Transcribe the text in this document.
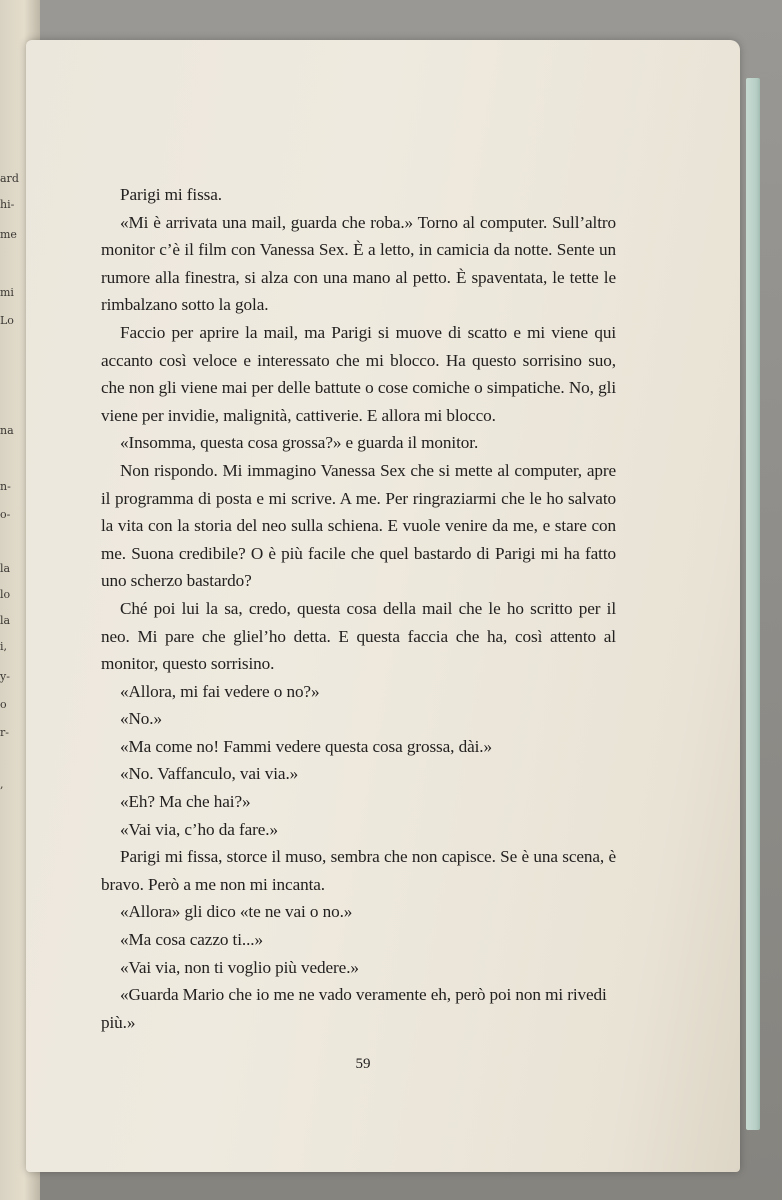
ard
hi-
me
mi
Lo
na
n-
o-
la
lo
la
i,
y-
o
r-
,

Parigi mi fissa.

«Mi è arrivata una mail, guarda che roba.» Torno al computer. Sull’altro monitor c’è il film con Vanessa Sex. È a letto, in camicia da notte. Sente un rumore alla finestra, si alza con una mano al petto. È spaventata, le tette le rimbalzano sotto la gola.

Faccio per aprire la mail, ma Parigi si muove di scatto e mi viene qui accanto così veloce e interessato che mi blocco. Ha questo sorrisino suo, che non gli viene mai per delle battute o cose comiche o simpatiche. No, gli viene per invidie, malignità, cattiverie. E allora mi blocco.

«Insomma, questa cosa grossa?» e guarda il monitor.

Non rispondo. Mi immagino Vanessa Sex che si mette al computer, apre il programma di posta e mi scrive. A me. Per ringraziarmi che le ho salvato la vita con la storia del neo sulla schiena. E vuole venire da me, e stare con me. Suona credibile? O è più facile che quel bastardo di Parigi mi ha fatto uno scherzo bastardo?

Ché poi lui la sa, credo, questa cosa della mail che le ho scritto per il neo. Mi pare che gliel’ho detta. E questa faccia che ha, così attento al monitor, questo sorrisino.

«Allora, mi fai vedere o no?»

«No.»

«Ma come no! Fammi vedere questa cosa grossa, dài.»

«No. Vaffanculo, vai via.»

«Eh? Ma che hai?»

«Vai via, c’ho da fare.»

Parigi mi fissa, storce il muso, sembra che non capisce. Se è una scena, è bravo. Però a me non mi incanta.

«Allora» gli dico «te ne vai o no.»

«Ma cosa cazzo ti...»

«Vai via, non ti voglio più vedere.»

«Guarda Mario che io me ne vado veramente eh, però poi non mi rivedi più.»

59
